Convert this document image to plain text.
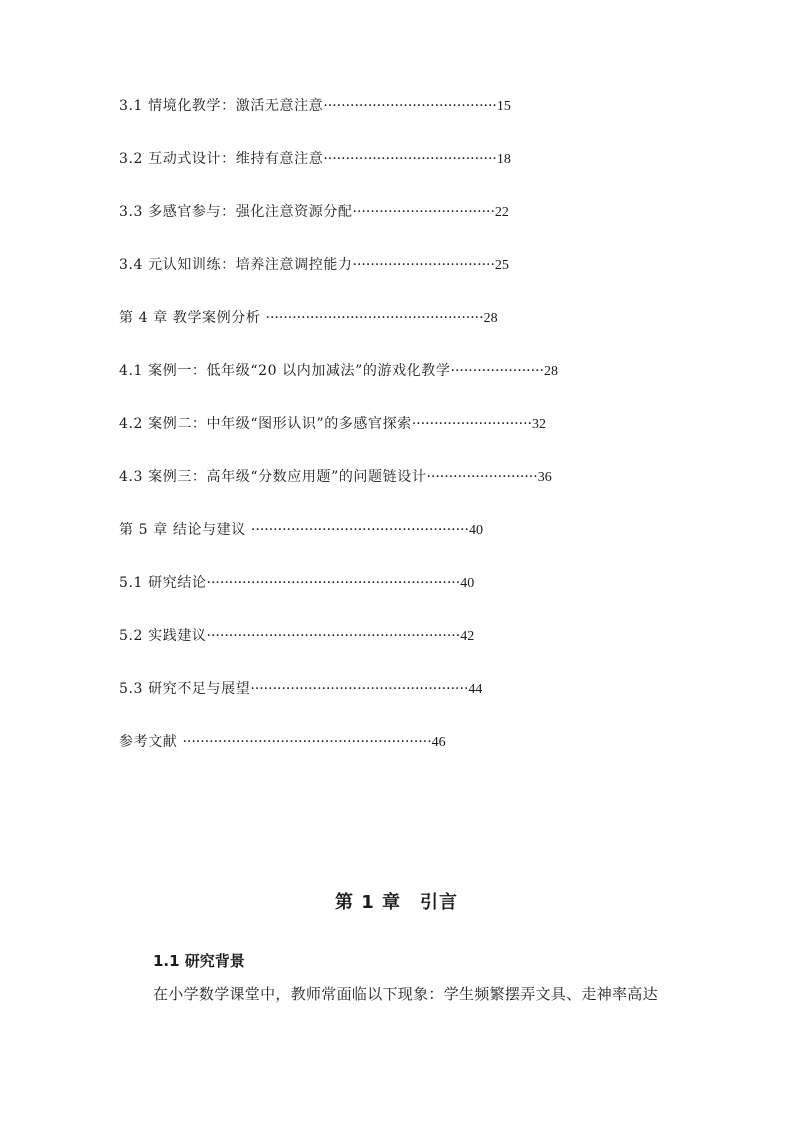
3.1 情境化教学：激活无意注意·······································15
3.2 互动式设计：维持有意注意·······································18
3.3 多感官参与：强化注意资源分配································22
3.4 元认知训练：培养注意调控能力································25
第 4 章 教学案例分析 ·················································28
4.1 案例一：低年级“20 以内加减法”的游戏化教学·····················28
4.2 案例二：中年级“图形认识”的多感官探索···························32
4.3 案例三：高年级“分数应用题”的问题链设计·························36
第 5 章 结论与建议 ·················································40
5.1 研究结论·························································40
5.2 实践建议·························································42
5.3 研究不足与展望·················································44
参考文献 ························································46
第 1 章　引言
1.1 研究背景
在小学数学课堂中，教师常面临以下现象：学生频繁摆弄文具、走神率高达
